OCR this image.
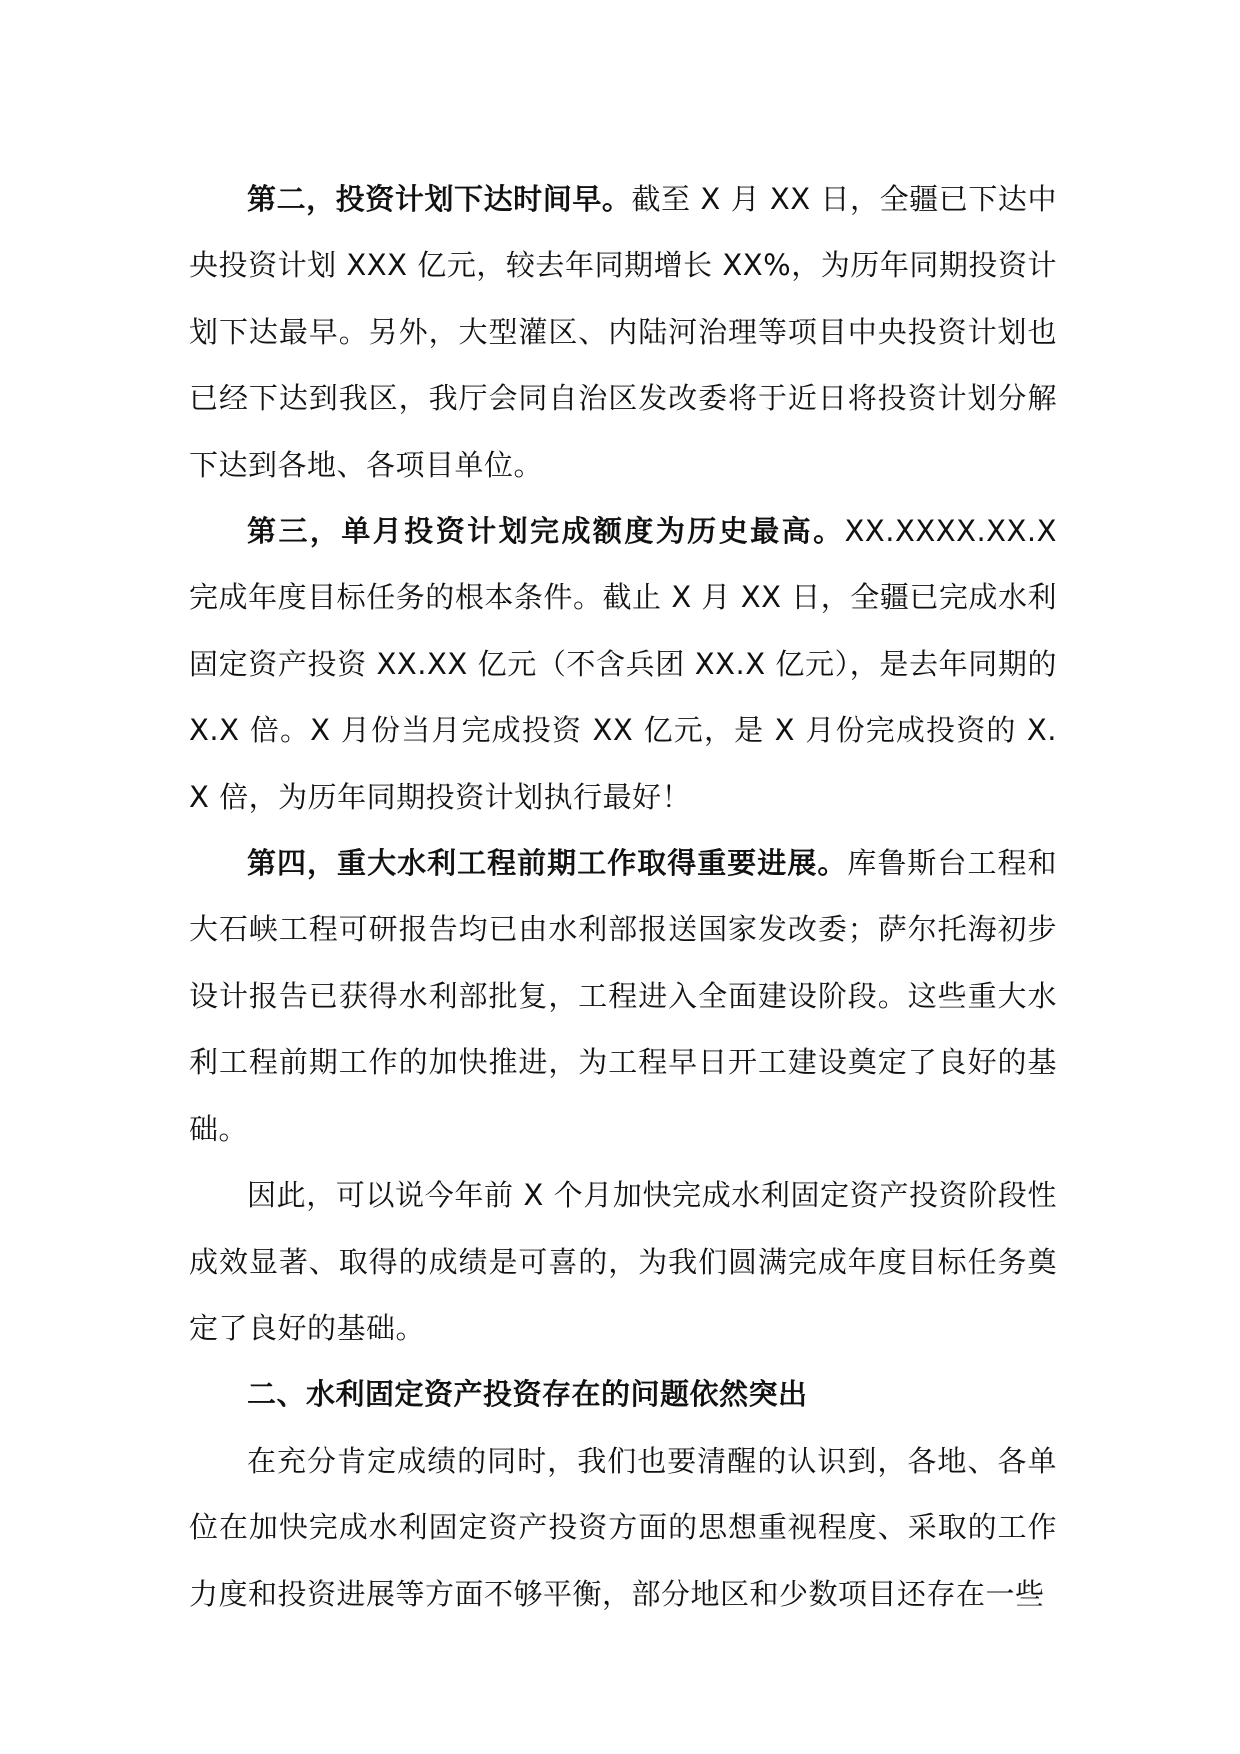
第二，投资计划下达时间早。截至 X 月 XX 日，全疆已下达中央投资计划 XXX 亿元，较去年同期增长 XX%，为历年同期投资计划下达最早。另外，大型灌区、内陆河治理等项目中央投资计划也已经下达到我区，我厅会同自治区发改委将于近日将投资计划分解下达到各地、各项目单位。

第三，单月投资计划完成额度为历史最高。XX.XXXX.XX.X 完成年度目标任务的根本条件。截止 X 月 XX 日，全疆已完成水利固定资产投资 XX.XX 亿元（不含兵团 XX.X 亿元），是去年同期的 X.X 倍。X 月份当月完成投资 XX 亿元，是 X 月份完成投资的 X.X 倍，为历年同期投资计划执行最好！

第四，重大水利工程前期工作取得重要进展。库鲁斯台工程和大石峡工程可研报告均已由水利部报送国家发改委；萨尔托海初步设计报告已获得水利部批复，工程进入全面建设阶段。这些重大水利工程前期工作的加快推进，为工程早日开工建设奠定了良好的基础。

因此，可以说今年前 X 个月加快完成水利固定资产投资阶段性成效显著、取得的成绩是可喜的，为我们圆满完成年度目标任务奠定了良好的基础。

二、水利固定资产投资存在的问题依然突出

在充分肯定成绩的同时，我们也要清醒的认识到，各地、各单位在加快完成水利固定资产投资方面的思想重视程度、采取的工作力度和投资进展等方面不够平衡，部分地区和少数项目还存在一些
